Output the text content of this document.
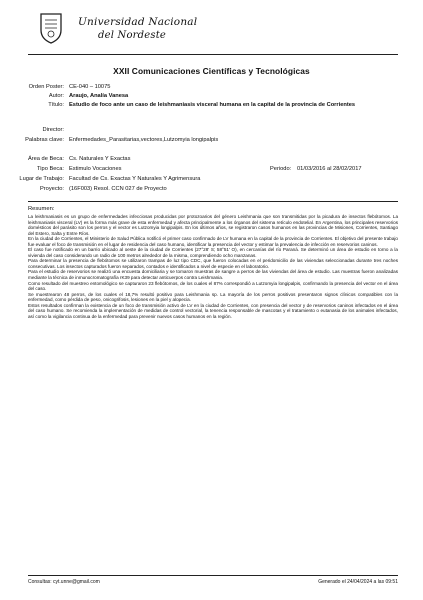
Universidad Nacional
del Nordeste
XXII Comunicaciones Científicas y Tecnológicas
Orden Poster: CE-040 – 10075
Autor: Araujo, Analía Vanesa
Título: Estudio de foco ante un caso de leishmaniasis visceral humana en la capital de la provincia de Corrientes
Director:
Palabras clave: Enfermedades_Parasitarias,vectores,Lutzomyia longipalpis
Área de Beca: Cs. Naturales Y Exactas
Tipo Beca: Estimulo Vocaciones	Periodo: 01/03/2016 al 28/02/2017
Lugar de Trabajo: Facultad de Cs. Exactas Y Naturales Y Agrimensura
Proyecto: (16F003) Resol. CCN 027 de Proyecto
Resumen:

La leishmaniasis es un grupo de enfermedades infecciosas producidas por protozoarios del género Leishmania que son transmitidas por la picadura de insectos flebótomos. La leishmaniasis visceral (LV) es la forma más grave de esta enfermedad y afecta principalmente a los órganos del sistema retículo endotelial. En Argentina, los principales reservorios domésticos del parásito son los perros y el vector es Lutzomyia longipalpis. En los últimos años, se registraron casos humanos en las provincias de Misiones, Corrientes, Santiago del Estero, Salta y Entre Ríos.

En la ciudad de Corrientes, el Ministerio de Salud Pública notificó el primer caso confirmado de LV humana en la capital de la provincia de Corrientes. El objetivo del presente trabajo fue evaluar el foco de transmisión en el lugar de residencia del caso humano, identificar la presencia del vector y estimar la prevalencia de infección en reservorios caninos.

El caso fue notificado en un barrio ubicado al oeste de la ciudad de Corrientes (27°28' S; 58°51' O), en cercanías del río Paraná. Se determinó un área de estudio en torno a la vivienda del caso considerando un radio de 100 metros alrededor de la misma, comprendiendo ocho manzanas.

Para determinar la presencia de flebótomos se utilizaron trampas de luz tipo CDC, que fueron colocadas en el peridomicilio de las viviendas seleccionadas durante tres noches consecutivas. Los insectos capturados fueron separados, contados e identificados a nivel de especie en el laboratorio.

Para el estudio de reservorios se realizó una encuesta domiciliaria y se tomaron muestras de sangre a perros de las viviendas del área de estudio. Las muestras fueron analizadas mediante la técnica de inmunocromatografía rK39 para detectar anticuerpos contra Leishmania.

Como resultado del muestreo entomológico se capturaron 23 flebótomos, de los cuales el 87% correspondió a Lutzomyia longipalpis, confirmando la presencia del vector en el área del caso.

Se muestrearon 48 perros, de los cuales el 18,7% resultó positivo para Leishmania sp. La mayoría de los perros positivos presentaron signos clínicos compatibles con la enfermedad, como pérdida de peso, onicogrifosis, lesiones en la piel y alopecia.

Estos resultados confirman la existencia de un foco de transmisión activo de LV en la ciudad de Corrientes, con presencia del vector y de reservorios caninos infectados en el área del caso humano. Se recomienda la implementación de medidas de control vectorial, la tenencia responsable de mascotas y el tratamiento o eutanasia de los animales infectados, así como la vigilancia continua de la enfermedad para prevenir nuevos casos humanos en la región.

Consultas: cyt.unne@gmail.com	Generado el 24/04/2024 a las 09:51
